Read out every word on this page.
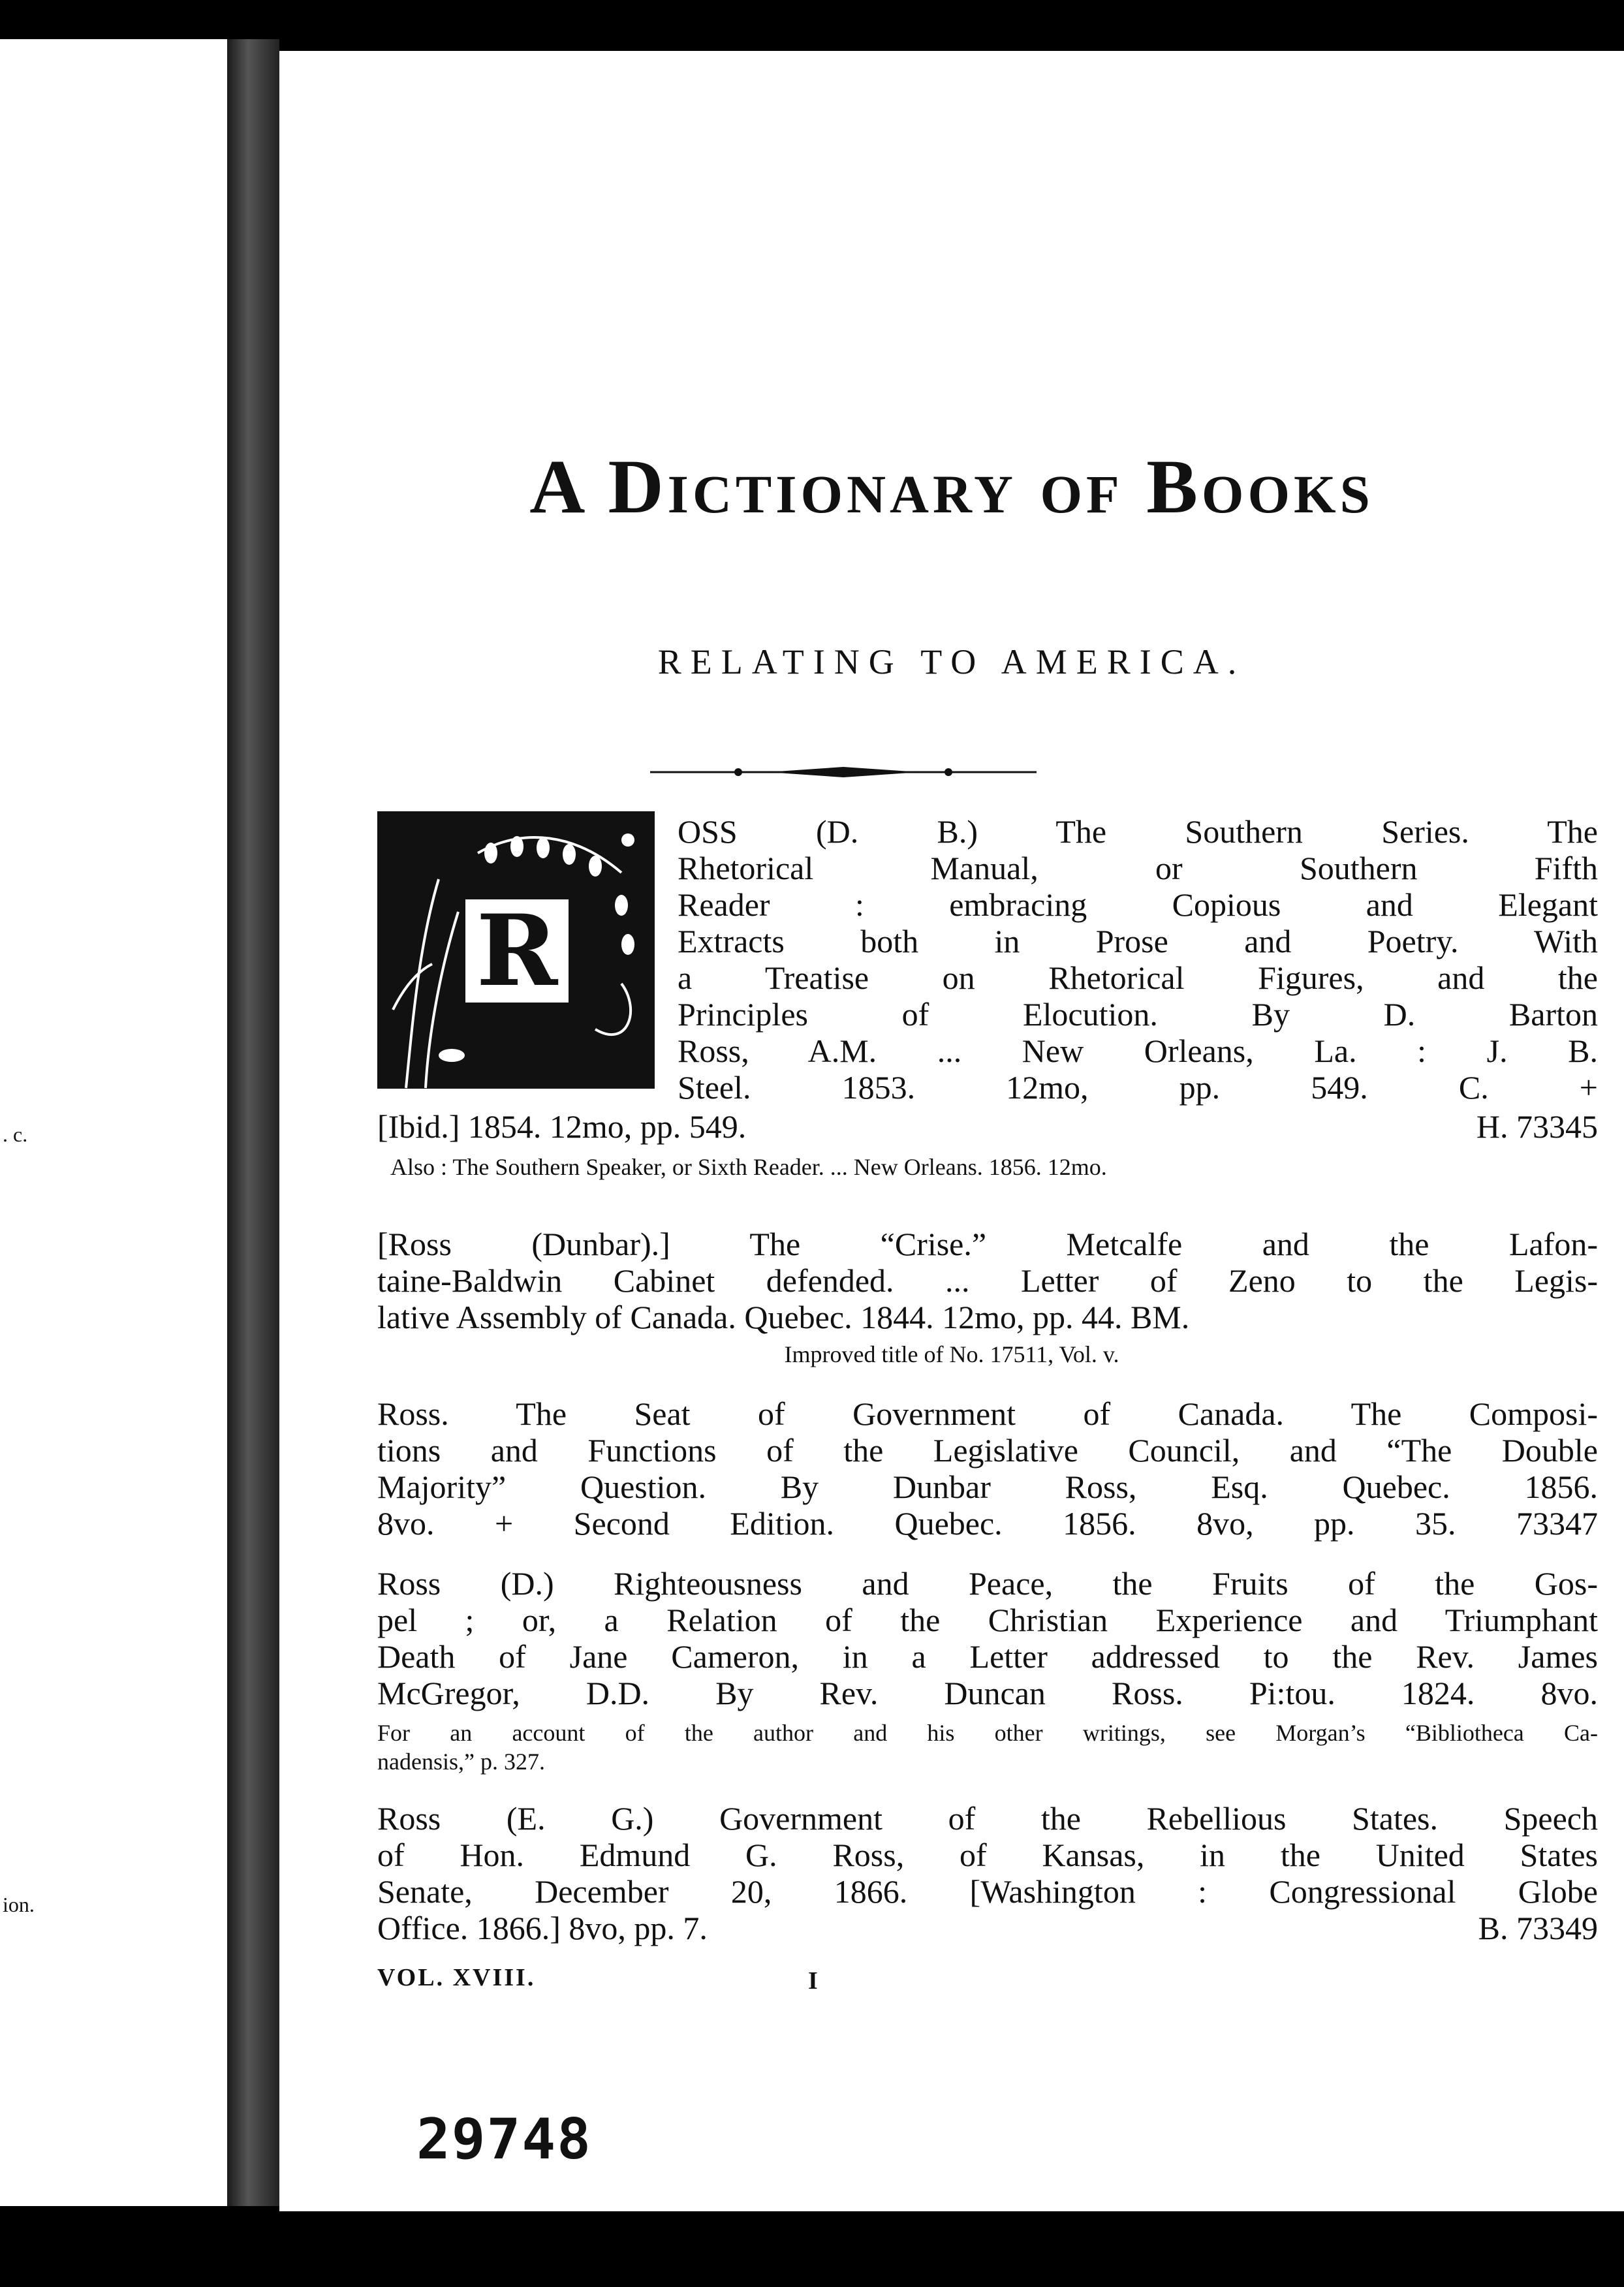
. c.
ion.
A Dictionary of Books
RELATING TO AMERICA.
R

OSS (D. B.) The Southern Series. The

Rhetorical Manual, or Southern Fifth

Reader : embracing Copious and Elegant

Extracts both in Prose and Poetry. With

a Treatise on Rhetorical Figures, and the

Principles of Elocution. By D. Barton

Ross, A.M. ... New Orleans, La. : J. B.

Steel. 1853. 12mo, pp. 549. C. +

[Ibid.] 1854. 12mo, pp. 549.	H. 73345

Also : The Southern Speaker, or Sixth Reader. ... New Orleans. 1856. 12mo.

[Ross (Dunbar).] The “Crise.” Metcalfe and the Lafon-

taine-Baldwin Cabinet defended. ... Letter of Zeno to the Legis-

lative Assembly of Canada. Quebec. 1844. 12mo, pp. 44. BM.

Improved title of No. 17511, Vol. v.

Ross. The Seat of Government of Canada. The Composi-

tions and Functions of the Legislative Council, and “The Double

Majority” Question. By Dunbar Ross, Esq. Quebec. 1856.

8vo. + Second Edition. Quebec. 1856. 8vo, pp. 35. 73347

Ross (D.) Righteousness and Peace, the Fruits of the Gos-

pel ; or, a Relation of the Christian Experience and Triumphant

Death of Jane Cameron, in a Letter addressed to the Rev. James

McGregor, D.D. By Rev. Duncan Ross. Pi:tou. 1824. 8vo.

For an account of the author and his other writings, see Morgan’s “Bibliotheca Ca-
nadensis,” p. 327.

Ross (E. G.) Government of the Rebellious States. Speech

of Hon. Edmund G. Ross, of Kansas, in the United States

Senate, December 20, 1866. [Washington : Congressional Globe

Office. 1866.] 8vo, pp. 7.	B. 73349

VOL. XVIII.	I
29748
